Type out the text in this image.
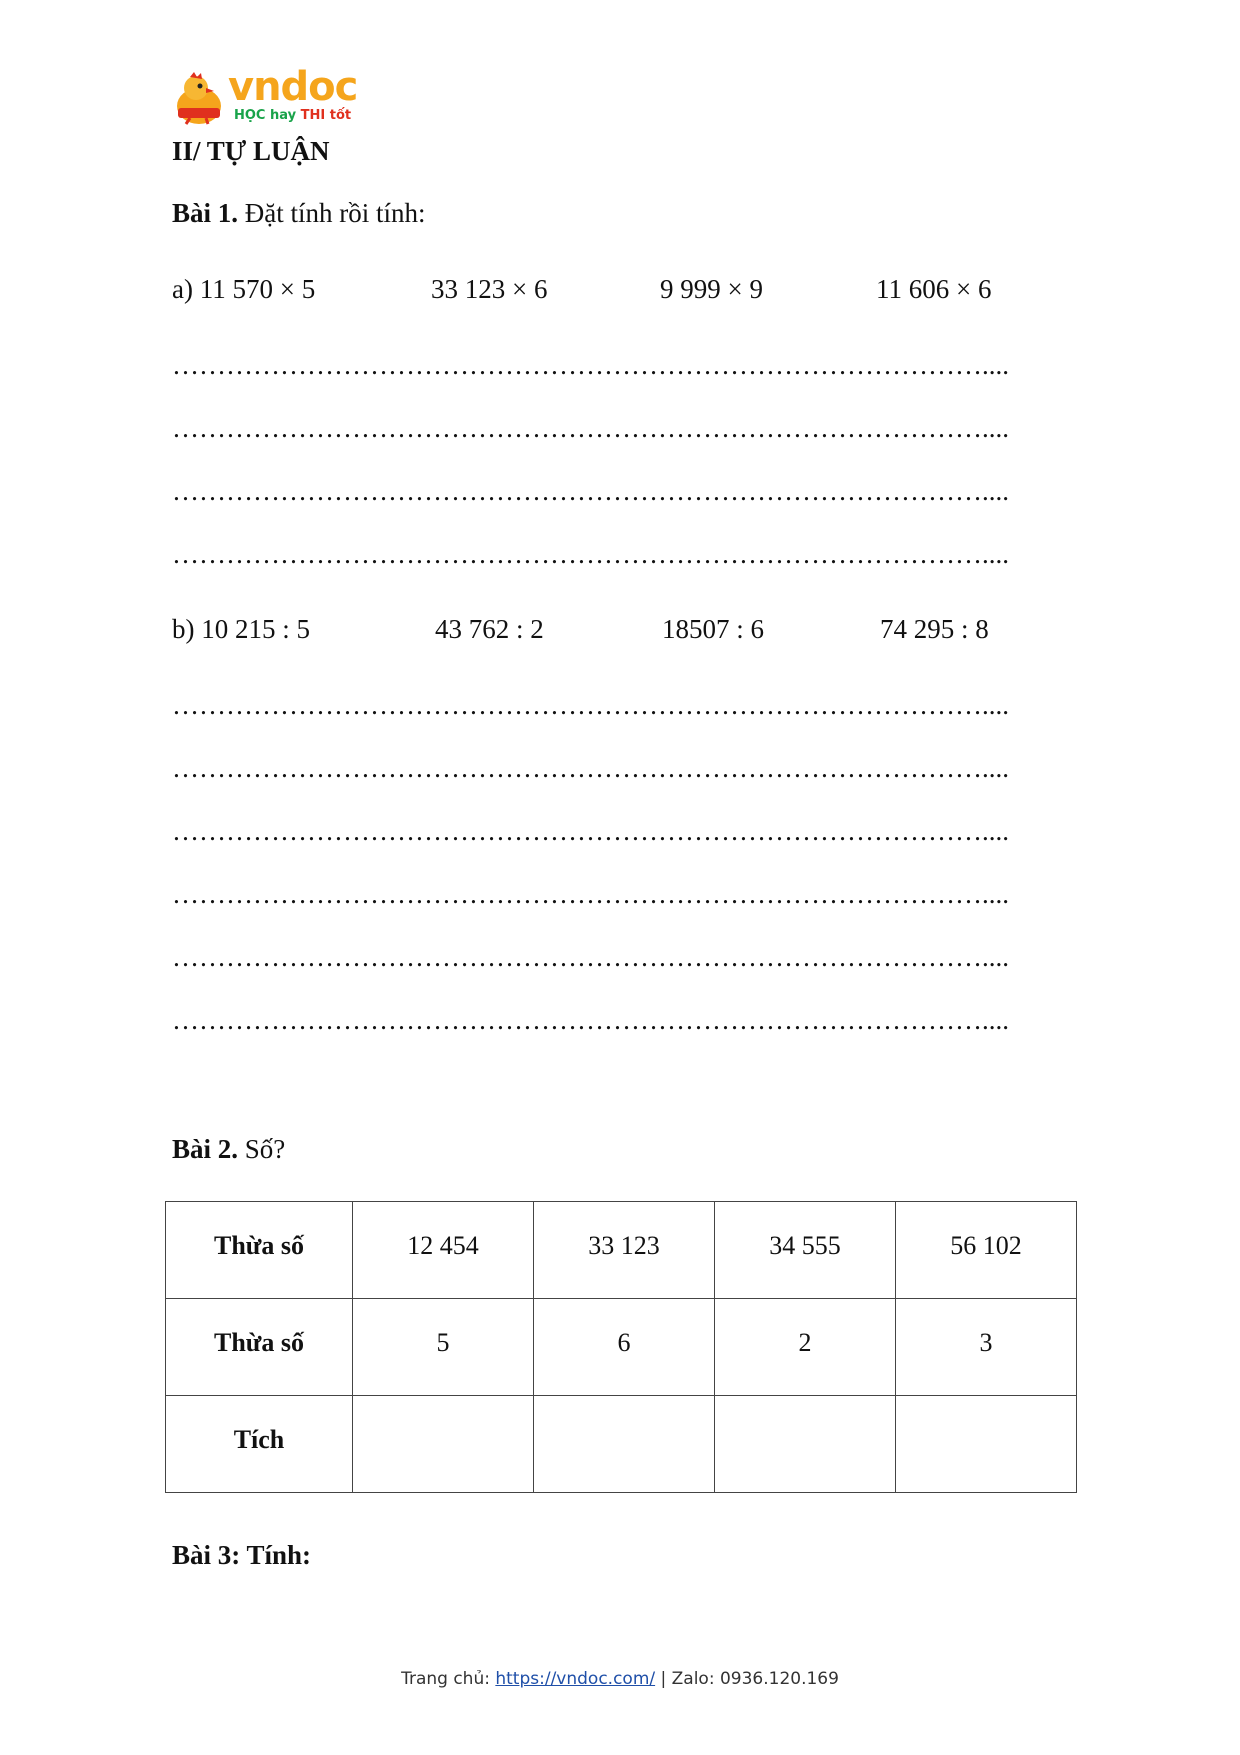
vndoc
HỌC hay THI tốt
II/ TỰ LUẬN
Bài 1. Đặt tính rồi tính:
a) 11 570 × 5	33 123 × 6	9 999 × 9	11 606 × 6
………………………………………………………………………………....
………………………………………………………………………………....
………………………………………………………………………………....
………………………………………………………………………………....
b) 10 215 : 5	43 762 : 2	18507 : 6	74 295 : 8
………………………………………………………………………………....
………………………………………………………………………………....
………………………………………………………………………………....
………………………………………………………………………………....
………………………………………………………………………………....
………………………………………………………………………………....
Bài 2. Số?
Thừa số	12 454	33 123	34 555	56 102
Thừa số	5	6	2	3
Tích				
Bài 3: Tính:
Trang chủ: https://vndoc.com/ | Zalo: 0936.120.169
